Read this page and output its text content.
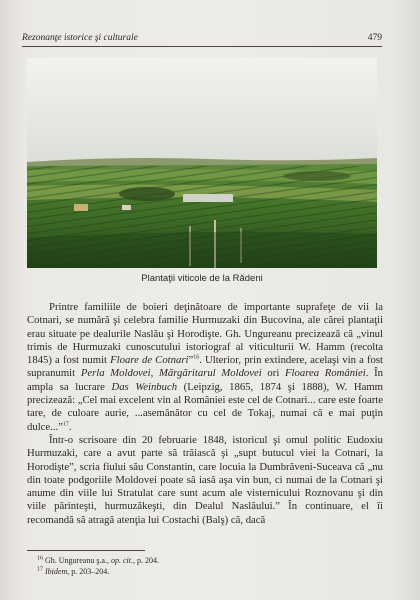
Rezonanţe istorice şi culturale	479
Plantaţii viticole de la Rădeni

Printre familiile de boieri deţinătoare de importante suprafeţe de vii la Cotnari, se numără şi celebra familie Hurmuzaki din Bucovina, ale cărei plantaţii erau situate pe dealurile Naslău şi Horodişte. Gh. Ungureanu precizează că „vinul trimis de Hurmuzaki cunoscutului istoriograf al viticulturii W. Hamm (recolta 1845) a fost numit Floare de Cotnari”$^{16}$. Ulterior, prin extindere, acelaşi vin a fost supranumit Perla Moldovei, Mărgăritarul Moldovei ori Floarea României. În ampla sa lucrare Das Weinbuch (Leipzig, 1865, 1874 şi 1888), W. Hamm precizează: „Cel mai excelent vin al României este cel de Cotnari... care este foarte tare, de culoare aurie, ...asemănător cu cel de Tokaj, numai că e mai puţin dulce...”$^{17}$.

Într-o scrisoare din 20 februarie 1848, istoricul şi omul politic Eudoxiu Hurmuzaki, care a avut parte să trăiască şi „supt butucul viei la Cotnari, la Horodişte”, scria fiului său Constantin, care locuia la Dumbrăveni-Suceava că „nu din toate podgoriile Moldovei poate să iasă aşa vin bun, ci numai de la Cotnari şi anume din viile lui Stratulat care sunt acum ale visternicului Roznovanu şi din viile părinteşti, hurmuzăkeşti, din Dealul Naslăului.” În continuare, el îi recomandă să atragă atenţia lui Costachi (Balş) că, dacă

$^{16}$ Gh. Ungureanu ş.a., op. cit., p. 204.
$^{17}$ Ibidem, p. 203–204.
